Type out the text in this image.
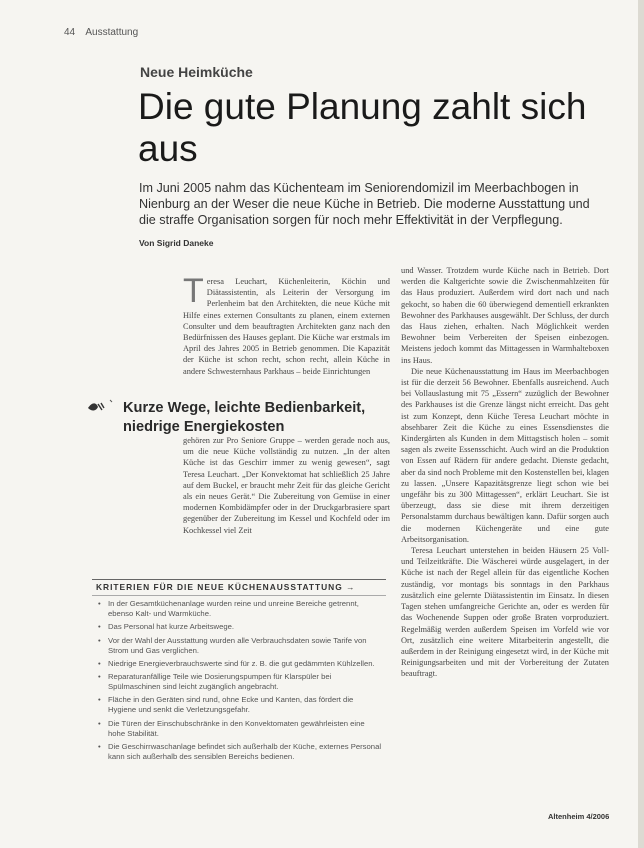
44 Ausstattung
Neue Heimküche
Die gute Planung zahlt sich aus

Im Juni 2005 nahm das Küchenteam im Seniorendomizil im Meerbachbogen in Nienburg an der Weser die neue Küche in Betrieb. Die moderne Ausstattung und die straffe Organisation sorgen für noch mehr Effektivität in der Verpflegung.

Von Sigrid Daneke
Teresa Leuchart, Küchenleiterin, Köchin und Diätassistentin, als Leiterin der Versorgung im Perlenheim bat den Architekten, die neue Küche mit Hilfe eines externen Consultants zu planen, einem externen Consulter und dem beauftragten Architekten ganz nach den Bedürfnissen des Hauses geplant. Die Küche war erstmals im April des Jahres 2005 in Betrieb genommen. Die Kapazität der Küche ist schon recht, schon recht, allein Küche in andere Schwesternhaus Parkhaus – beide Einrichtungen
Kurze Wege, leichte Bedienbarkeit, niedrige Energiekosten
gehören zur Pro Seniore Gruppe – werden gerade noch aus, um die neue Küche vollständig zu nutzen. „In der alten Küche ist das Geschirr immer zu wenig gewesen“, sagt Teresa Leuchart. „Der Konvektomat hat schließlich 25 Jahre auf dem Buckel, er braucht mehr Zeit für das gleiche Gericht als ein neues Gerät.“ Die Zubereitung von Gemüse in einer modernen Kombidämpfer oder in der Druckgarbrasiere spart gegenüber der Zubereitung im Kessel und Kochfeld oder im Kochkessel viel Zeit

und Wasser. Trotzdem wurde Küche nach in Betrieb. Dort werden die Kaltgerichte sowie die Zwischenmahlzeiten für das Haus produziert. Außerdem wird dort nach und nach gekocht, so haben die 60 überwiegend dementiell erkrankten Bewohner des Parkhauses ausgewählt. Der Schluss, der durch das Haus ziehen, erhalten. Nach Möglichkeit werden Bewohner beim Verbereiten der Speisen einbezogen. Meistens jedoch kommt das Mittagessen in Warmhalteboxen ins Haus.

Die neue Küchenausstattung im Haus im Meerbachbogen ist für die derzeit 56 Bewohner. Ebenfalls ausreichend. Auch bei Vollauslastung mit 75 „Essern“ zuzüglich der Bewohner des Parkhauses ist die Grenze längst nicht erreicht. Das geht ist zum Konzept, denn Küche Teresa Leuchart möchte in absehbarer Zeit die Küche zu eines Essensdienstes die Kindergärten als Kunden in dem Mittagstisch holen – somit sagen als zweite Essensschicht. Auch wird an die Produktion von Essen auf Rädern für andere gedacht. Dienste gedacht, aber da sind noch Probleme mit den Kostenstellen bei, klagen zu lassen. „Unsere Kapazitätsgrenze liegt schon wie bei ungefähr bis zu 300 Mittagessen“, erklärt Leuchart. Sie ist überzeugt, dass sie diese mit ihrem derzeitigen Personalstamm durchaus bewältigen kann. Dafür sorgen auch die modernen Küchengeräte und eine gute Arbeitsorganisation.

Teresa Leuchart unterstehen in beiden Häusern 25 Voll- und Teilzeitkräfte. Die Wäscherei würde ausgelagert, in der Küche ist nach der Regel allein für das eigentliche Kochen zuständig, vor montags bis sonntags in den Parkhaus zusätzlich eine gelernte Diätassistentin im Einsatz. In diesen Tagen stehen umfangreiche Gerichte an, oder es werden für das Wochenende Suppen oder große Braten vorproduziert. Regelmäßig werden außerdem Speisen im Vorfeld wie vor Ort, zusätzlich eine weitere Mitarbeiterin angestellt, die außerdem in der Reinigung eingesetzt wird, in der Küche mit Reinigungsarbeiten und mit der Vorbereitung der Zutaten beauftragt.

KRITERIEN FÜR DIE NEUE KÜCHENAUSSTATTUNG →
• In der Gesamtküchenanlage wurden reine und unreine Bereiche getrennt, ebenso Kalt- und Warmküche.
• Das Personal hat kurze Arbeitswege.
• Vor der Wahl der Ausstattung wurden alle Verbrauchsdaten sowie Tarife von Strom und Gas verglichen.
• Niedrige Energieverbrauchswerte sind für z. B. die gut gedämmten Kühlzellen.
• Reparaturanfällige Teile wie Dosierungspumpen für Klarspüler bei Spülmaschinen sind leicht zugänglich angebracht.
• Fläche in den Geräten sind rund, ohne Ecke und Kanten, das fördert die Hygiene und senkt die Verletzungsgefahr.
• Die Türen der Einschubschränke in den Konvektomaten gewährleisten eine hohe Stabilität.
• Die Geschirrwaschanlage befindet sich außerhalb der Küche, externes Personal kann sich außerhalb des sensiblen Bereichs bedienen.
Altenheim 4/2006
